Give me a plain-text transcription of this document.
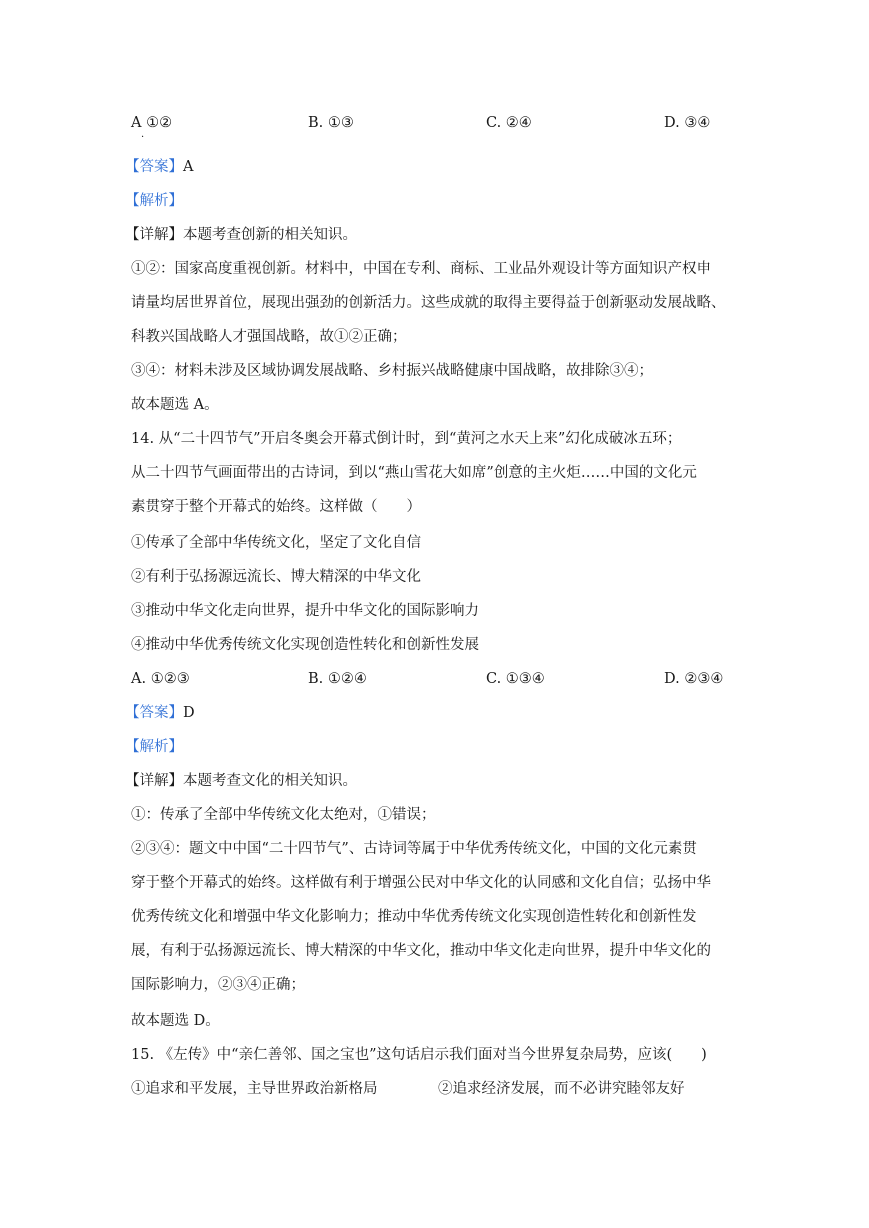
A ①②
·
B. ①③	C. ②④	D. ③④
【答案】A
【解析】
【详解】本题考查创新的相关知识。
①②：国家高度重视创新。材料中，中国在专利、商标、工业品外观设计等方面知识产权申
请量均居世界首位，展现出强劲的创新活力。这些成就的取得主要得益于创新驱动发展战略、
科教兴国战略人才强国战略，故①②正确；
③④：材料未涉及区域协调发展战略、乡村振兴战略健康中国战略，故排除③④；
故本题选 A。
14. 从“二十四节气”开启冬奥会开幕式倒计时，到“黄河之水天上来”幻化成破冰五环；
从二十四节气画面带出的古诗词，到以“燕山雪花大如席”创意的主火炬……中国的文化元
素贯穿于整个开幕式的始终。这样做（　　）
①传承了全部中华传统文化，坚定了文化自信
②有利于弘扬源远流长、博大精深的中华文化
③推动中华文化走向世界，提升中华文化的国际影响力
④推动中华优秀传统文化实现创造性转化和创新性发展
A. ①②③	B. ①②④	C. ①③④	D. ②③④
【答案】D
【解析】
【详解】本题考查文化的相关知识。
①：传承了全部中华传统文化太绝对，①错误；
②③④：题文中中国“二十四节气”、古诗词等属于中华优秀传统文化，中国的文化元素贯
穿于整个开幕式的始终。这样做有利于增强公民对中华文化的认同感和文化自信；弘扬中华
优秀传统文化和增强中华文化影响力；推动中华优秀传统文化实现创造性转化和创新性发
展，有利于弘扬源远流长、博大精深的中华文化，推动中华文化走向世界，提升中华文化的
国际影响力，②③④正确；
故本题选 D。
15. 《左传》中“亲仁善邻、国之宝也”这句话启示我们面对当今世界复杂局势，应该(　　)
①追求和平发展，主导世界政治新格局	②追求经济发展，而不必讲究睦邻友好
